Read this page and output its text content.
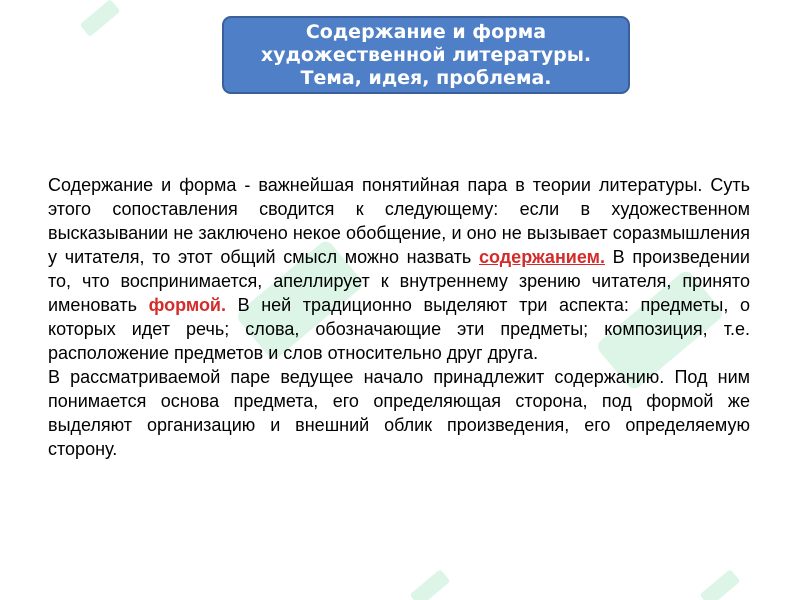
Содержание и форма
художественной литературы.
Тема, идея, проблема.

Содержание и форма - важнейшая понятийная пара в теории литературы. Суть этого сопоставления сводится к следующему: если в художественном высказывании не заключено некое обобщение, и оно не вызывает соразмышления у читателя, то этот общий смысл можно назвать содержанием. В произведении то, что воспринимается, апеллирует к внутреннему зрению читателя, принято именовать формой. В ней традиционно выделяют три аспекта: предметы, о которых идет речь; слова, обозначающие эти предметы; композиция, т.е. расположение предметов и слов относительно друг друга.

В рассматриваемой паре ведущее начало принадлежит содержанию. Под ним понимается основа предмета, его определяющая сторона, под формой же выделяют организацию и внешний облик произведения, его определяемую сторону.
